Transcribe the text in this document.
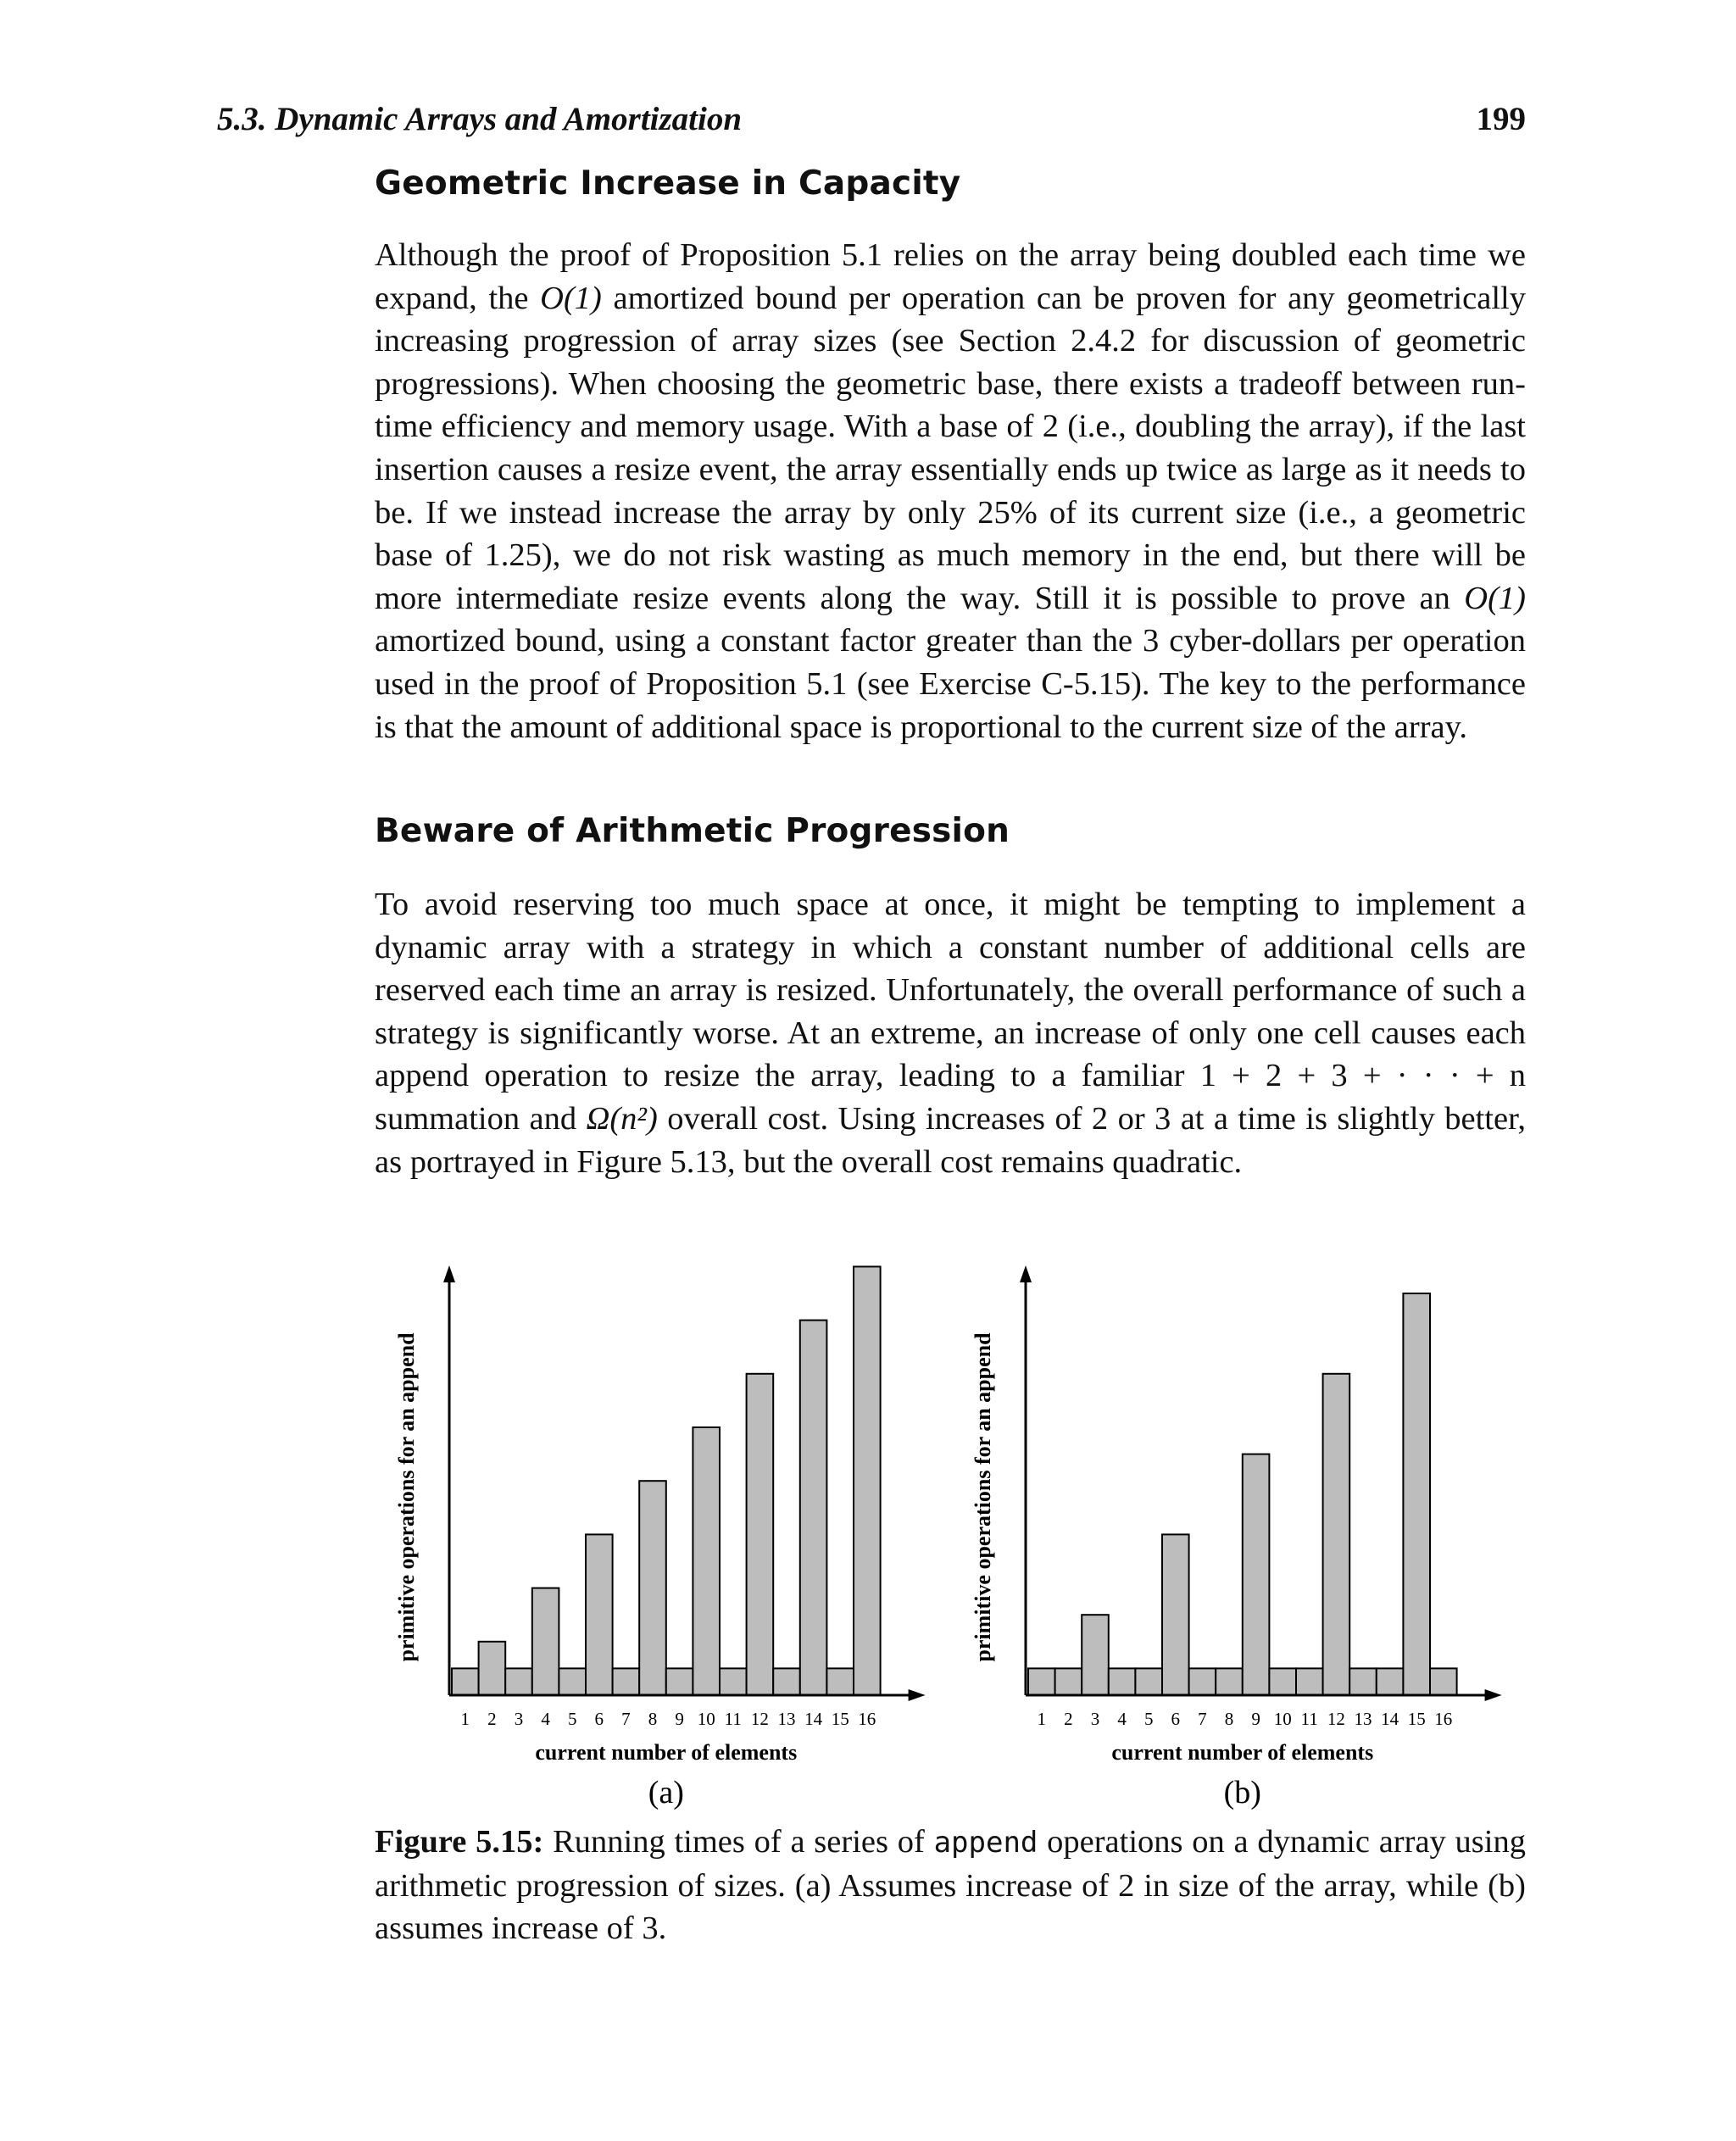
5.3. Dynamic Arrays and Amortization	199
Geometric Increase in Capacity

Although the proof of Proposition 5.1 relies on the array being doubled each time we expand, the O(1) amortized bound per operation can be proven for any geometrically increasing progression of array sizes (see Section 2.4.2 for discussion of geometric progressions). When choosing the geometric base, there exists a tradeoff between run-time efficiency and memory usage. With a base of 2 (i.e., doubling the array), if the last insertion causes a resize event, the array essentially ends up twice as large as it needs to be. If we instead increase the array by only 25% of its current size (i.e., a geometric base of 1.25), we do not risk wasting as much memory in the end, but there will be more intermediate resize events along the way. Still it is possible to prove an O(1) amortized bound, using a constant factor greater than the 3 cyber-dollars per operation used in the proof of Proposition 5.1 (see Exercise C-5.15). The key to the performance is that the amount of additional space is proportional to the current size of the array.

Beware of Arithmetic Progression

To avoid reserving too much space at once, it might be tempting to implement a dynamic array with a strategy in which a constant number of additional cells are reserved each time an array is resized. Unfortunately, the overall performance of such a strategy is significantly worse. At an extreme, an increase of only one cell causes each append operation to resize the array, leading to a familiar 1 + 2 + 3 + · · · + n summation and Ω(n²) overall cost. Using increases of 2 or 3 at a time is slightly better, as portrayed in Figure 5.13, but the overall cost remains quadratic.

1 2 3 4 5 6 7 8 9 10 11 12 13 14 15 16
current number of elements
primitive operations for an append
(a)
1 2 3 4 5 6 7 8 9 10 11 12 13 14 15 16
current number of elements
primitive operations for an append
(b)

Figure 5.15: Running times of a series of append operations on a dynamic array using arithmetic progression of sizes. (a) Assumes increase of 2 in size of the array, while (b) assumes increase of 3.
